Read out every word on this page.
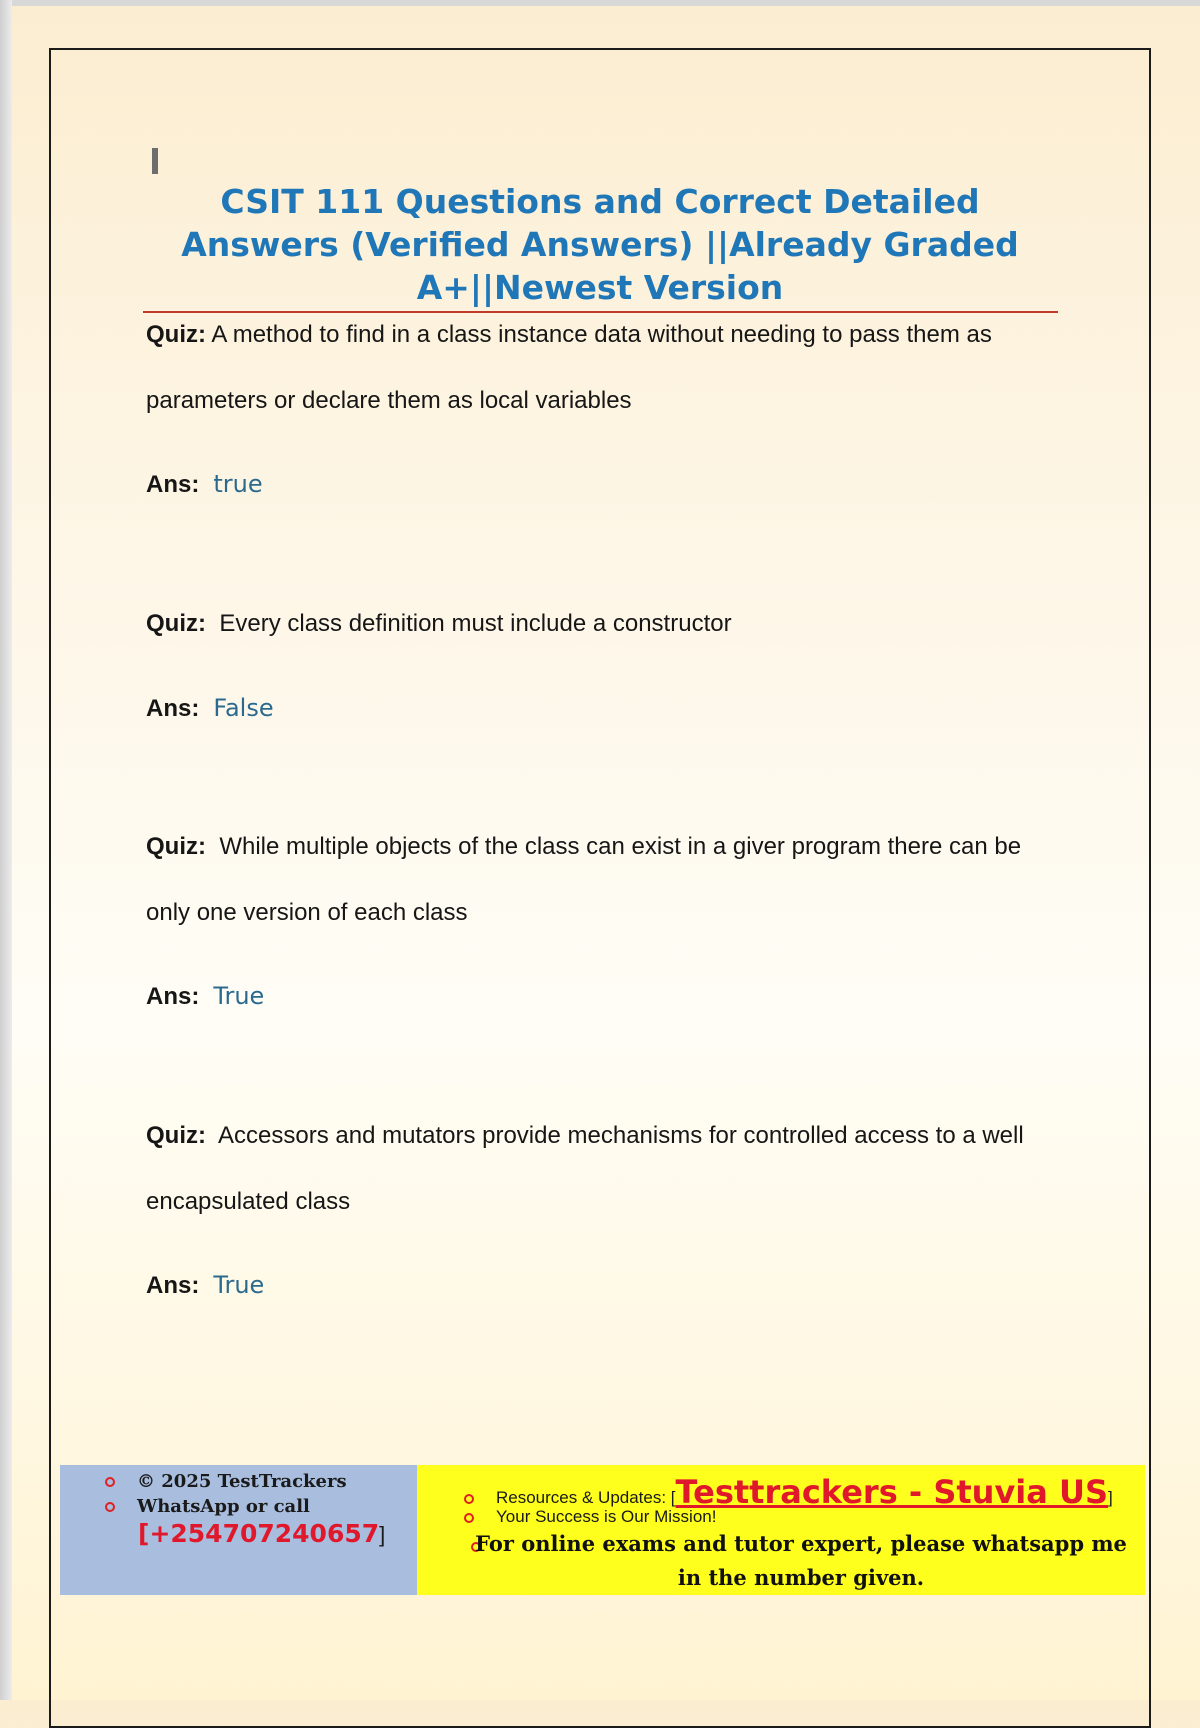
CSIT 111 Questions and Correct Detailed Answers (Verified Answers) ||Already Graded A+||Newest Version
Quiz: A method to find in a class instance data without needing to pass them as parameters or declare them as local variables
Ans: true
Quiz: Every class definition must include a constructor
Ans: False
Quiz: While multiple objects of the class can exist in a giver program there can be only one version of each class
Ans: True
Quiz: Accessors and mutators provide mechanisms for controlled access to a well encapsulated class
Ans: True
© 2025 TestTrackers
WhatsApp or call
[+254707240657]
Resources & Updates: [Testtrackers - Stuvia US]
Your Success is Our Mission!
For online exams and tutor expert, please whatsapp me in the number given.
